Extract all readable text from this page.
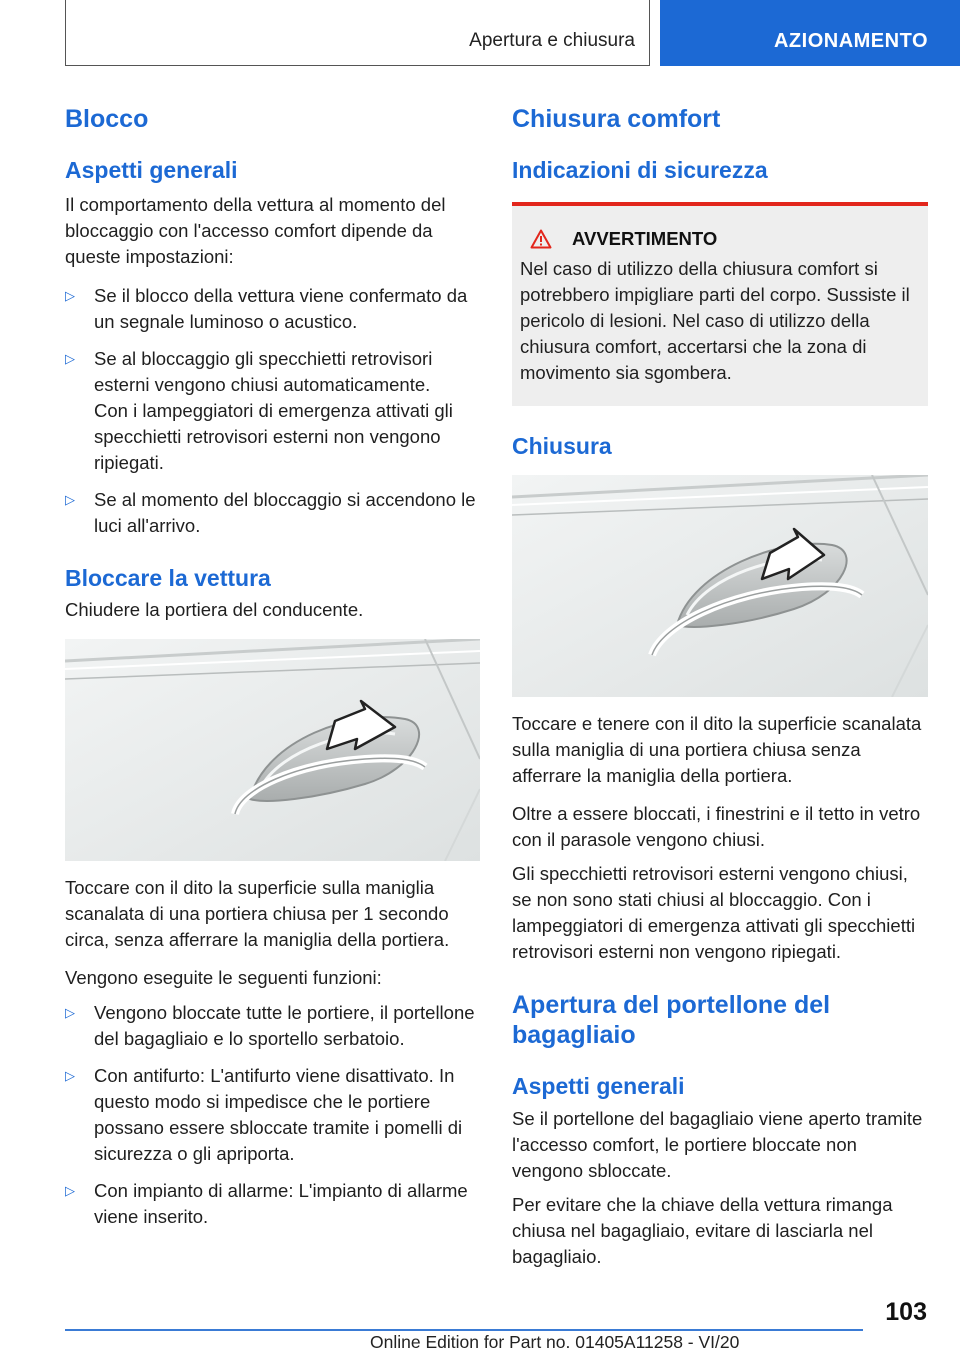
Apertura e chiusura	AZIONAMENTO
Blocco
Aspetti generali

Il comportamento della vettura al momento del bloccaggio con l'accesso comfort dipende da queste impostazioni:

▷ Se il blocco della vettura viene confermato da un segnale luminoso o acustico.
▷ Se al bloccaggio gli specchietti retrovisori esterni vengono chiusi automaticamente.
Con i lampeggiatori di emergenza attivati gli specchietti retrovisori esterni non vengono ripiegati.
▷ Se al momento del bloccaggio si accendono le luci all'arrivo.
Bloccare la vettura

Chiudere la portiera del conducente.

Toccare con il dito la superficie sulla maniglia scanalata di una portiera chiusa per 1 secondo circa, senza afferrare la maniglia della portiera.

Vengono eseguite le seguenti funzioni:

▷ Vengono bloccate tutte le portiere, il portellone del bagagliaio e lo sportello serbatoio.
▷ Con antifurto: L'antifurto viene disattivato. In questo modo si impedisce che le portiere possano essere sbloccate tramite i pomelli di sicurezza o gli apriporta.
▷ Con impianto di allarme: L'impianto di allarme viene inserito.
Chiusura comfort
Indicazioni di sicurezza
AVVERTIMENTO

Nel caso di utilizzo della chiusura comfort si potrebbero impigliare parti del corpo. Sussiste il pericolo di lesioni. Nel caso di utilizzo della chiusura comfort, accertarsi che la zona di movimento sia sgombera.

Chiusura

Toccare e tenere con il dito la superficie scanalata sulla maniglia di una portiera chiusa senza afferrare la maniglia della portiera.

Oltre a essere bloccati, i finestrini e il tetto in vetro con il parasole vengono chiusi.

Gli specchietti retrovisori esterni vengono chiusi, se non sono stati chiusi al bloccaggio. Con i lampeggiatori di emergenza attivati gli specchietti retrovisori esterni non vengono ripiegati.

Apertura del portellone del bagagliaio
Aspetti generali

Se il portellone del bagagliaio viene aperto tramite l'accesso comfort, le portiere bloccate non vengono sbloccate.

Per evitare che la chiave della vettura rimanga chiusa nel bagagliaio, evitare di lasciarla nel bagagliaio.

103
Online Edition for Part no. 01405A11258 - VI/20
